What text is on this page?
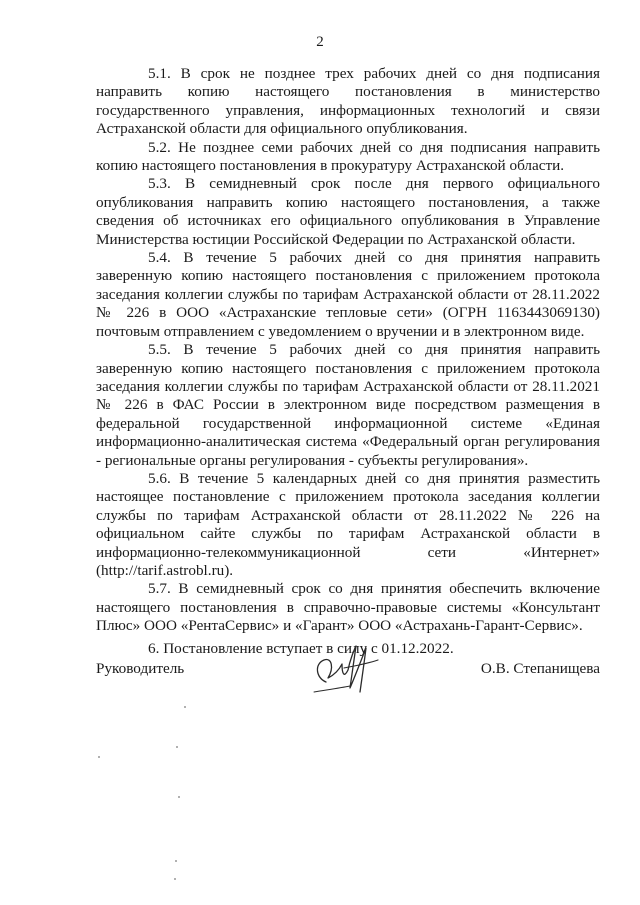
2

5.1. В срок не позднее трех рабочих дней со дня подписания направить копию настоящего постановления в министерство государственного управления, информационных технологий и связи Астраханской области для официального опубликования.

5.2. Не позднее семи рабочих дней со дня подписания направить копию настоящего постановления в прокуратуру Астраханской области.

5.3. В семидневный срок после дня первого официального опубликования направить копию настоящего постановления, а также сведения об источниках его официального опубликования в Управление Министерства юстиции Российской Федерации по Астраханской области.

5.4. В течение 5 рабочих дней со дня принятия направить заверенную копию настоящего постановления с приложением протокола заседания коллегии службы по тарифам Астраханской области от 28.11.2022 № 226 в ООО «Астраханские тепловые сети» (ОГРН 1163443069130) почтовым отправлением с уведомлением о вручении и в электронном виде.

5.5. В течение 5 рабочих дней со дня принятия направить заверенную копию настоящего постановления с приложением протокола заседания коллегии службы по тарифам Астраханской области от 28.11.2021 № 226 в ФАС России в электронном виде посредством размещения в федеральной государственной информационной системе «Единая информационно-аналитическая система «Федеральный орган регулирования - региональные органы регулирования - субъекты регулирования».

5.6. В течение 5 календарных дней со дня принятия разместить настоящее постановление с приложением протокола заседания коллегии службы по тарифам Астраханской области от 28.11.2022 № 226 на официальном сайте службы по тарифам Астраханской области в информационно-телекоммуникационной сети «Интернет» (http://tarif.astrobl.ru).

5.7. В семидневный срок со дня принятия обеспечить включение настоящего постановления в справочно-правовые системы «Консультант Плюс» ООО «РентаСервис» и «Гарант» ООО «Астрахань-Гарант-Сервис».

6. Постановление вступает в силу с 01.12.2022.

Руководитель	О.В. Степанищева
